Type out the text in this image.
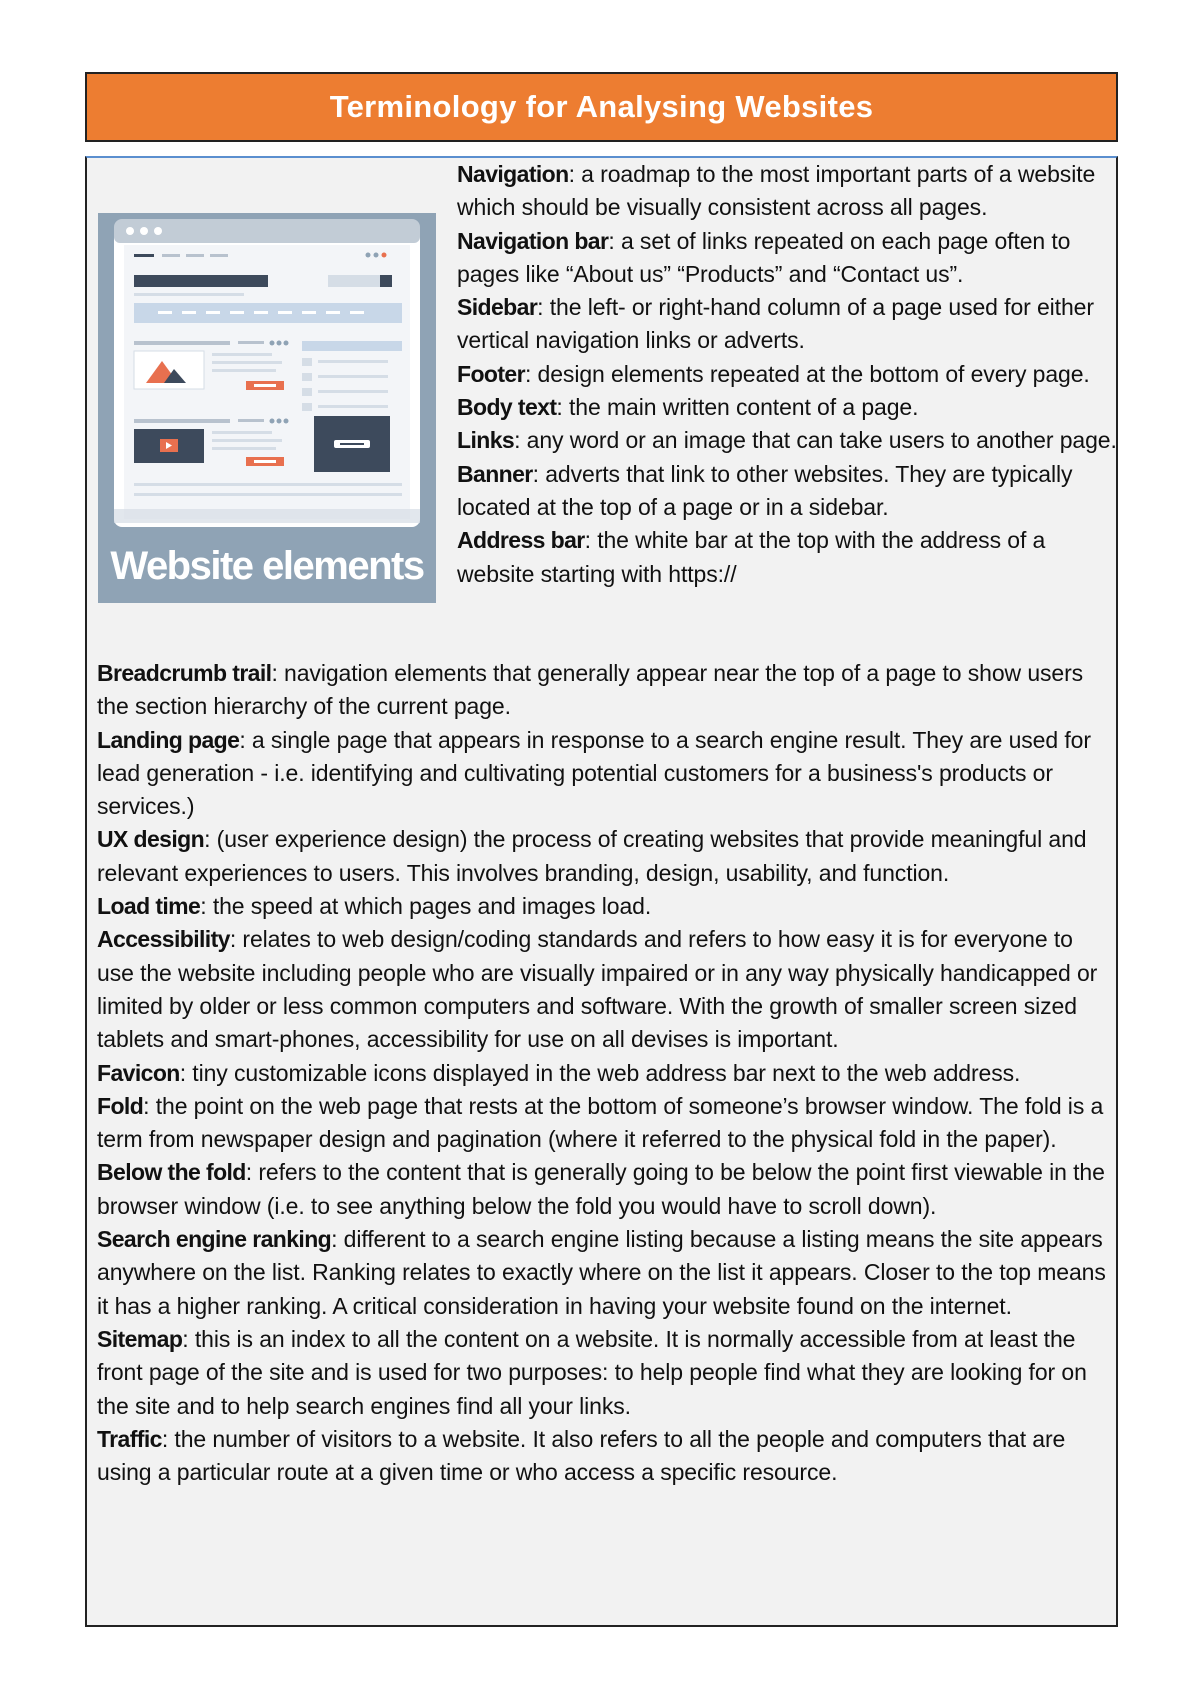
Terminology for Analysing Websites
Website elements

Navigation: a roadmap to the most important parts of a website which should be visually consistent across all pages.

Navigation bar: a set of links repeated on each page often to pages like “About us” “Products” and “Contact us”.

Sidebar: the left- or right-hand column of a page used for either vertical navigation links or adverts.

Footer: design elements repeated at the bottom of every page.

Body text: the main written content of a page.

Links: any word or an image that can take users to another page.

Banner: adverts that link to other websites. They are typically located at the top of a page or in a sidebar.

Address bar: the white bar at the top with the address of a website starting with https://

Breadcrumb trail: navigation elements that generally appear near the top of a page to show users the section hierarchy of the current page.

Landing page: a single page that appears in response to a search engine result. They are used for lead generation - i.e. identifying and cultivating potential customers for a business's products or services.)

UX design: (user experience design) the process of creating websites that provide meaningful and relevant experiences to users. This involves branding, design, usability, and function.

Load time: the speed at which pages and images load.

Accessibility: relates to web design/coding standards and refers to how easy it is for everyone to use the website including people who are visually impaired or in any way physically handicapped or limited by older or less common computers and software. With the growth of smaller screen sized tablets and smart-phones, accessibility for use on all devises is important.

Favicon: tiny customizable icons displayed in the web address bar next to the web address.

Fold: the point on the web page that rests at the bottom of someone’s browser window. The fold is a term from newspaper design and pagination (where it referred to the physical fold in the paper).

Below the fold: refers to the content that is generally going to be below the point first viewable in the browser window (i.e. to see anything below the fold you would have to scroll down).

Search engine ranking: different to a search engine listing because a listing means the site appears anywhere on the list. Ranking relates to exactly where on the list it appears. Closer to the top means it has a higher ranking. A critical consideration in having your website found on the internet.

Sitemap: this is an index to all the content on a website. It is normally accessible from at least the front page of the site and is used for two purposes: to help people find what they are looking for on the site and to help search engines find all your links.

Traffic: the number of visitors to a website. It also refers to all the people and computers that are using a particular route at a given time or who access a specific resource.
